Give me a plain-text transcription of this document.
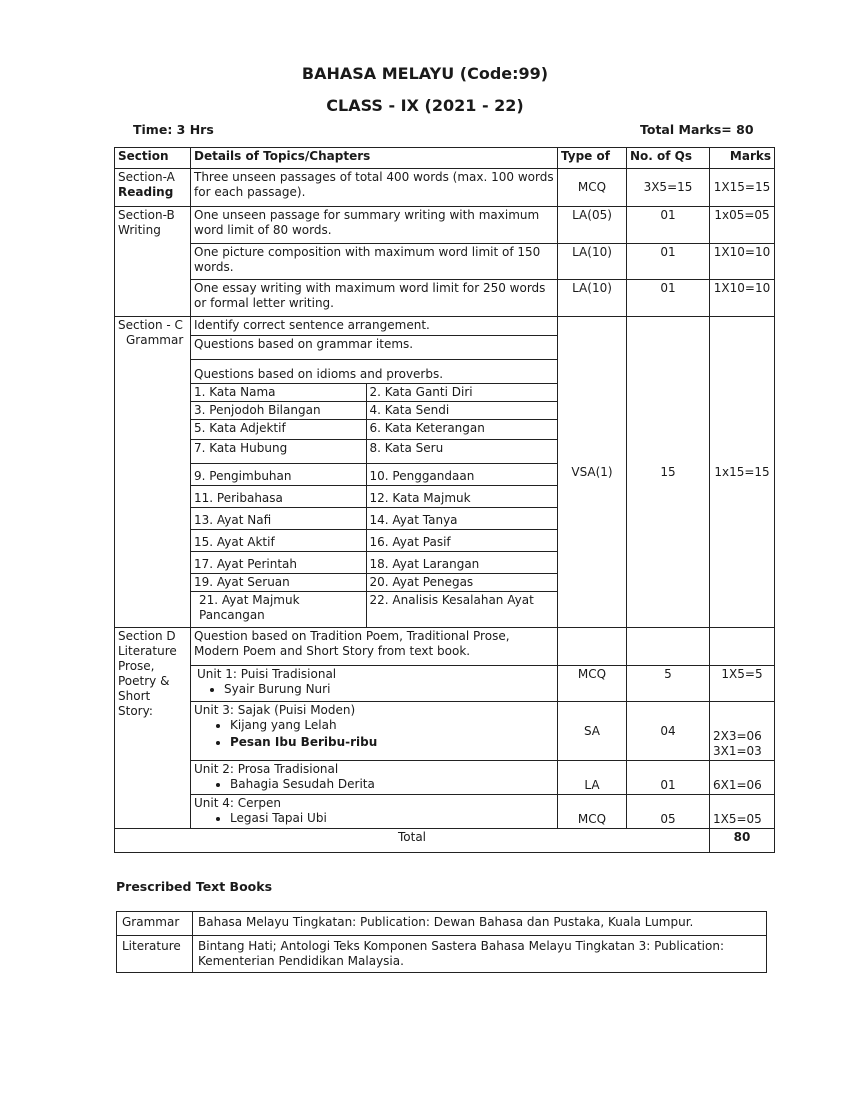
BAHASA MELAYU (Code:99)
CLASS - IX (2021 - 22)
Time: 3 Hrs	Total Marks= 80
Section	Details of Topics/Chapters	Type of	No. of Qs	Marks

Section-A
Reading
	Three unseen passages of total 400 words (max. 100 words for each passage).	MCQ	3X5=15	1X15=15

Section-B
Writing
	One unseen passage for summary writing with maximum word limit of 80 words.	LA(05)	01	1x05=05
One picture composition with maximum word limit of 150 words.	LA(10)	01	1X10=10
One essay writing with maximum word limit for 250 words or formal letter writing.	LA(10)	01	1X10=10

Section - C
Grammar

Identify correct sentence arrangement.
Questions based on grammar items.
Questions based on idioms and proverbs.
1. Kata Nama	2. Kata Ganti Diri
3. Penjodoh Bilangan	4. Kata Sendi
5. Kata Adjektif	6. Kata Keterangan
7. Kata Hubung	8. Kata Seru
9. Pengimbuhan	10. Penggandaan
11. Peribahasa	12. Kata Majmuk
13. Ayat Nafi	14. Ayat Tanya
15. Ayat Aktif	16. Ayat Pasif
17. Ayat Perintah	18. Ayat Larangan
19. Ayat Seruan	20. Ayat Penegas
21. Ayat Majmuk Pancangan	22. Analisis Kesalahan Ayat
	VSA(1)	15	1x15=15

Section D
Literature
Prose,
Poetry &
Short
Story:
	Question based on Tradition Poem, Traditional Prose, Modern Poem and Short Story from text book.			

Unit 1: Puisi Tradisional
• Syair Burung Nuri
	MCQ	5	1X5=5

Unit 3: Sajak (Puisi Moden)
• Kijang yang Lelah
• Pesan Ibu Beribu-ribu
	SA	04	2X3=06
3X1=03

Unit 2: Prosa Tradisional
• Bahagia Sesudah Derita	LA	01	6X1=06

Unit 4: Cerpen
• Legasi Tapai Ubi	MCQ	05	1X5=05
Total	80
Prescribed Text Books
Grammar	Bahasa Melayu Tingkatan: Publication: Dewan Bahasa dan Pustaka, Kuala Lumpur.
Literature	Bintang Hati; Antologi Teks Komponen Sastera Bahasa Melayu Tingkatan 3: Publication: Kementerian Pendidikan Malaysia.
